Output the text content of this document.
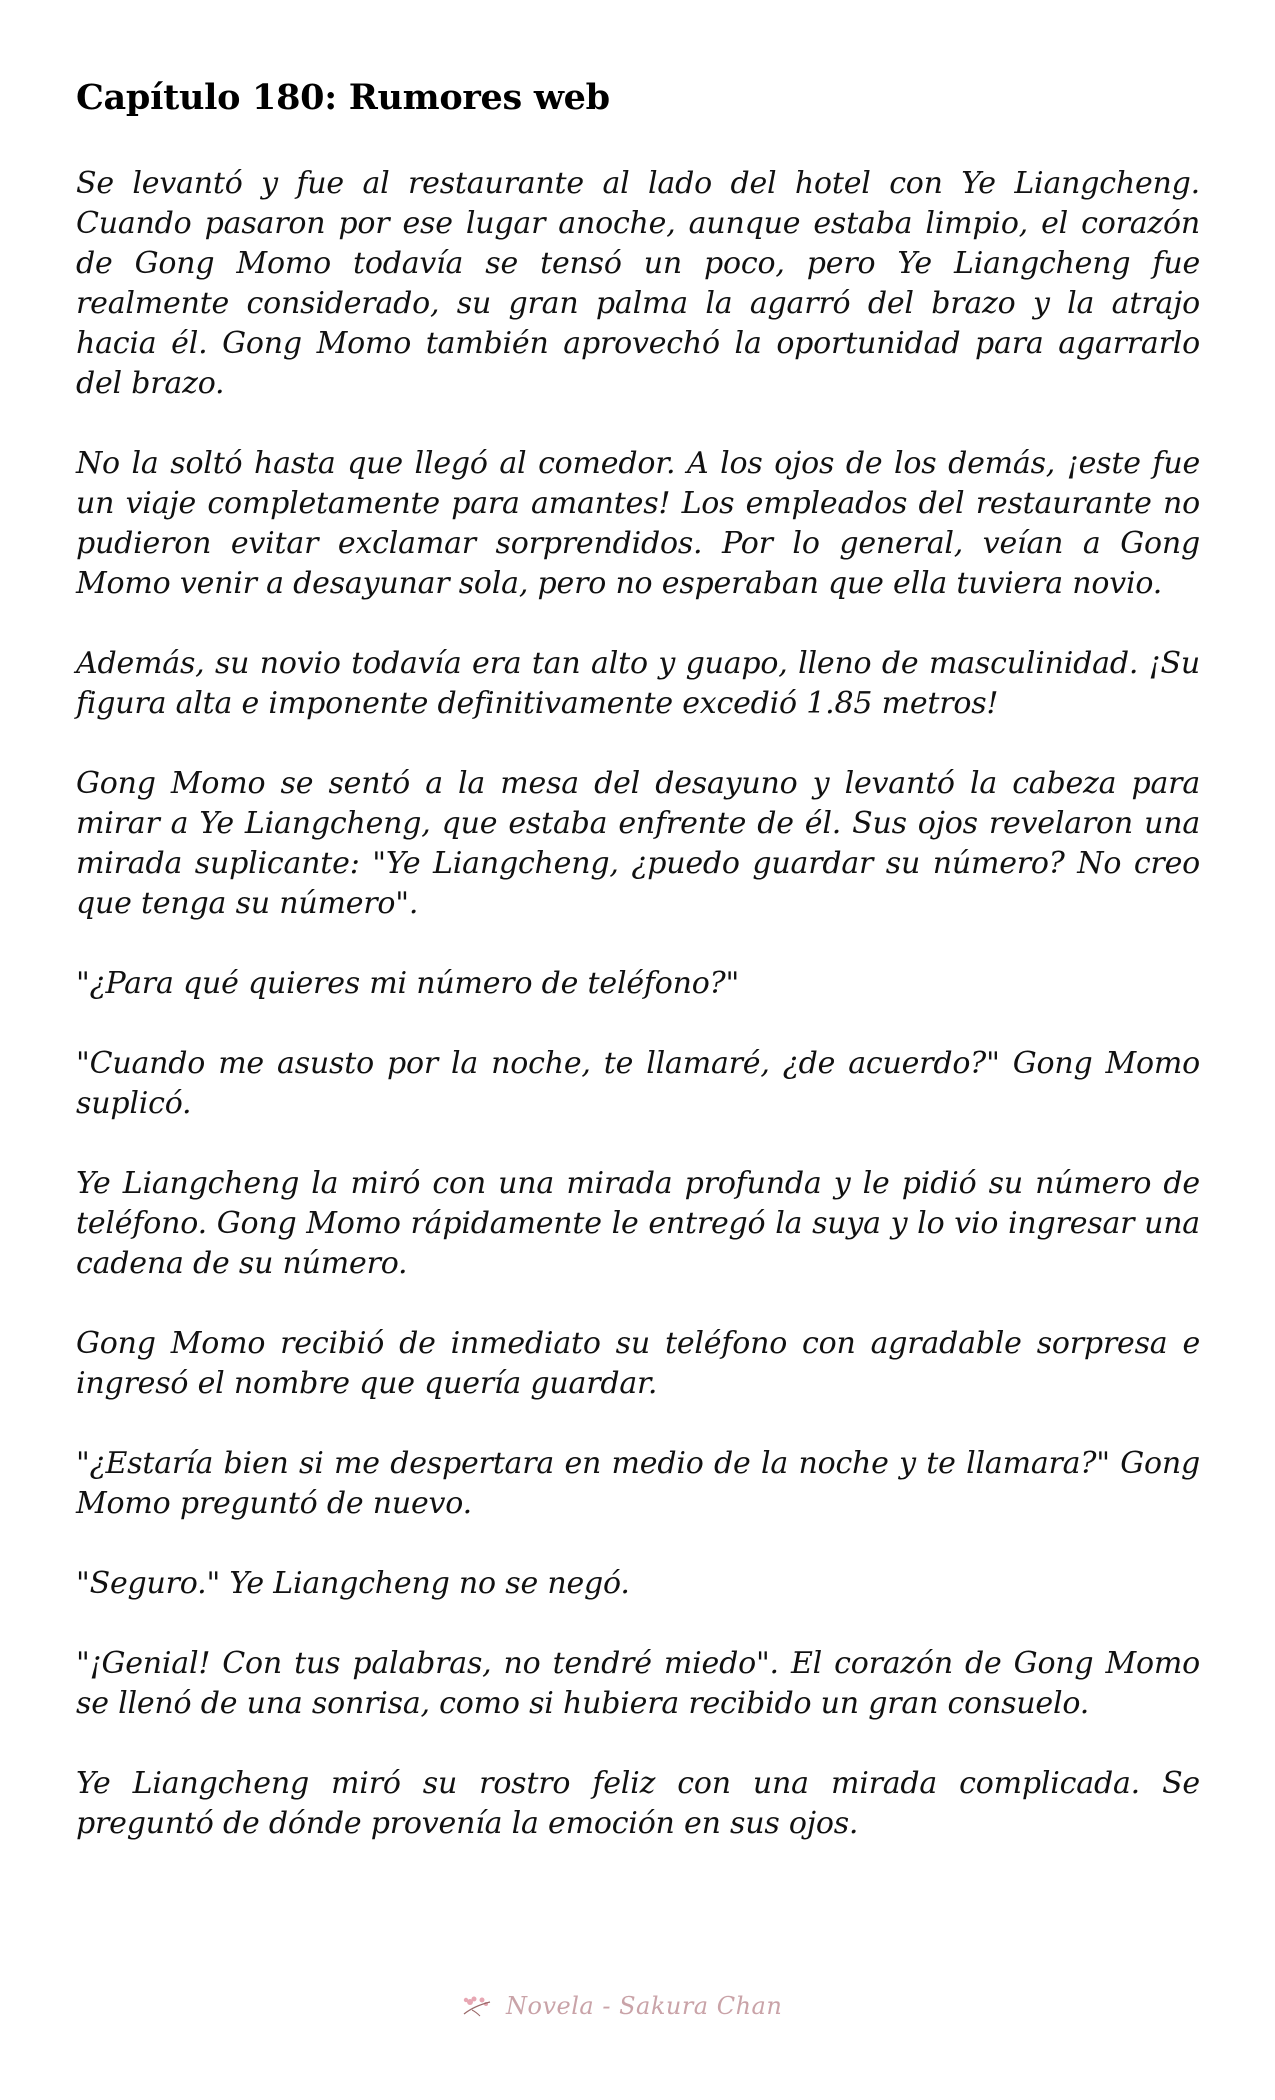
Capítulo 180: Rumores web

Se levantó y fue al restaurante al lado del hotel con Ye Liangcheng. Cuando pasaron por ese lugar anoche, aunque estaba limpio, el corazón de Gong Momo todavía se tensó un poco, pero Ye Liangcheng fue realmente considerado, su gran palma la agarró del brazo y la atrajo hacia él. Gong Momo también aprovechó la oportunidad para agarrarlo del brazo.

No la soltó hasta que llegó al comedor. A los ojos de los demás, ¡este fue un viaje completamente para amantes! Los empleados del restaurante no pudieron evitar exclamar sorprendidos. Por lo general, veían a Gong Momo venir a desayunar sola, pero no esperaban que ella tuviera novio.

Además, su novio todavía era tan alto y guapo, lleno de masculinidad. ¡Su figura alta e imponente definitivamente excedió 1.85 metros!

Gong Momo se sentó a la mesa del desayuno y levantó la cabeza para mirar a Ye Liangcheng, que estaba enfrente de él. Sus ojos revelaron una mirada suplicante: "Ye Liangcheng, ¿puedo guardar su número? No creo que tenga su número".

"¿Para qué quieres mi número de teléfono?"

"Cuando me asusto por la noche, te llamaré, ¿de acuerdo?" Gong Momo suplicó.

Ye Liangcheng la miró con una mirada profunda y le pidió su número de teléfono. Gong Momo rápidamente le entregó la suya y lo vio ingresar una cadena de su número.

Gong Momo recibió de inmediato su teléfono con agradable sorpresa e ingresó el nombre que quería guardar.

"¿Estaría bien si me despertara en medio de la noche y te llamara?" Gong Momo preguntó de nuevo.

"Seguro." Ye Liangcheng no se negó.

"¡Genial! Con tus palabras, no tendré miedo". El corazón de Gong Momo se llenó de una sonrisa, como si hubiera recibido un gran consuelo.

Ye Liangcheng miró su rostro feliz con una mirada complicada. Se preguntó de dónde provenía la emoción en sus ojos.

Novela - Sakura Chan
